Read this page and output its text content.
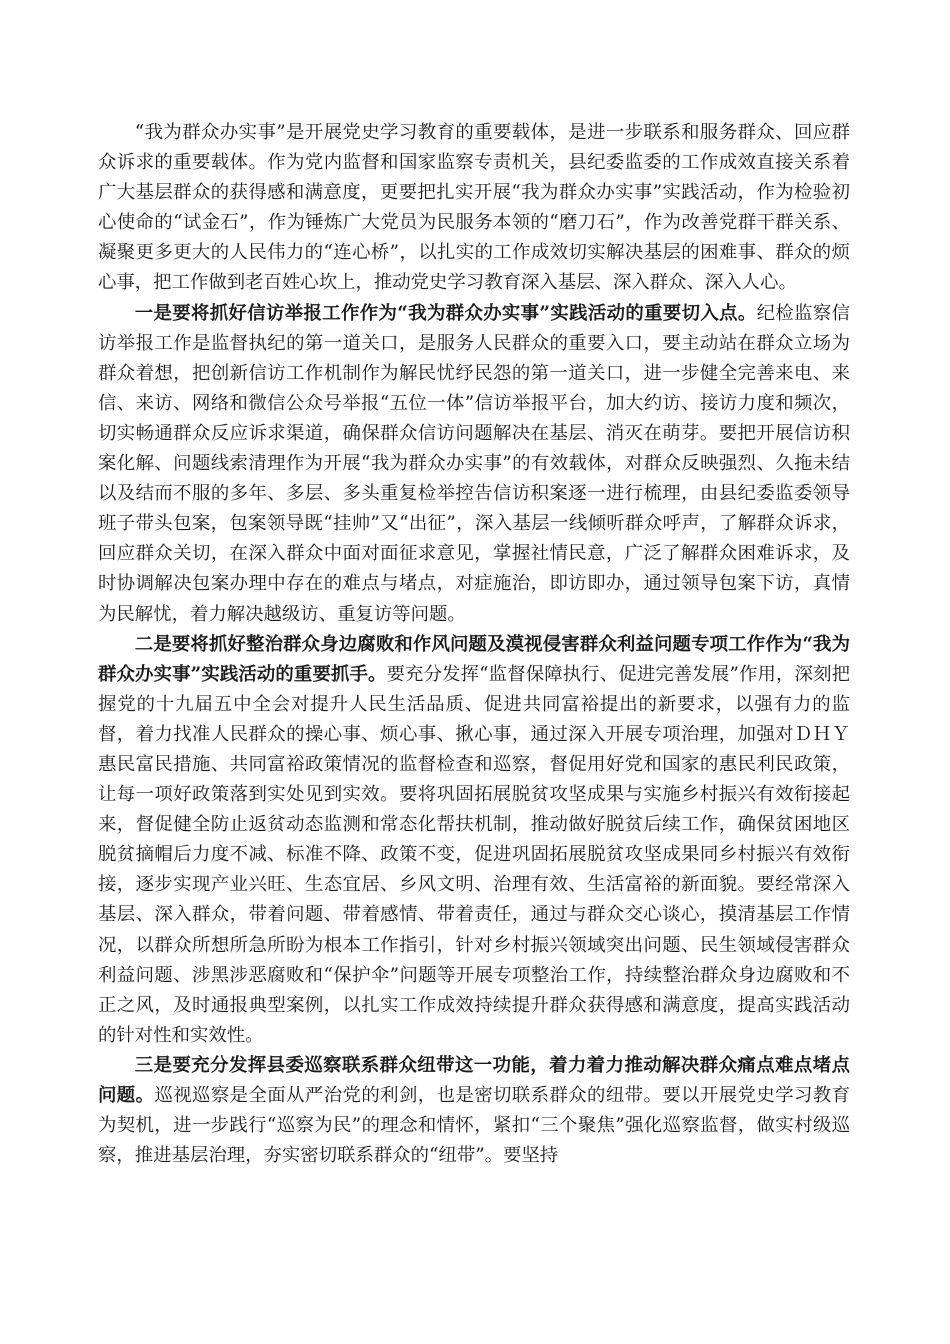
“我为群众办实事”是开展党史学习教育的重要载体，是进一步联系和服务群众、回应群众诉求的重要载体。作为党内监督和国家监察专责机关，县纪委监委的工作成效直接关系着广大基层群众的获得感和满意度，更要把扎实开展“我为群众办实事”实践活动，作为检验初心使命的“试金石”，作为锤炼广大党员为民服务本领的“磨刀石”，作为改善党群干群关系、凝聚更多更大的人民伟力的“连心桥”，以扎实的工作成效切实解决基层的困难事、群众的烦心事，把工作做到老百姓心坎上，推动党史学习教育深入基层、深入群众、深入人心。

一是要将抓好信访举报工作作为“我为群众办实事”实践活动的重要切入点。纪检监察信访举报工作是监督执纪的第一道关口，是服务人民群众的重要入口，要主动站在群众立场为群众着想，把创新信访工作机制作为解民忧纾民怨的第一道关口，进一步健全完善来电、来信、来访、网络和微信公众号举报“五位一体”信访举报平台，加大约访、接访力度和频次，切实畅通群众反应诉求渠道，确保群众信访问题解决在基层、消灭在萌芽。要把开展信访积案化解、问题线索清理作为开展“我为群众办实事”的有效载体，对群众反映强烈、久拖未结以及结而不服的多年、多层、多头重复检举控告信访积案逐一进行梳理，由县纪委监委领导班子带头包案，包案领导既“挂帅”又“出征”，深入基层一线倾听群众呼声，了解群众诉求，回应群众关切，在深入群众中面对面征求意见，掌握社情民意，广泛了解群众困难诉求，及时协调解决包案办理中存在的难点与堵点，对症施治，即访即办，通过领导包案下访，真情为民解忧，着力解决越级访、重复访等问题。

二是要将抓好整治群众身边腐败和作风问题及漠视侵害群众利益问题专项工作作为“我为群众办实事”实践活动的重要抓手。要充分发挥“监督保障执行、促进完善发展”作用，深刻把握党的十九届五中全会对提升人民生活品质、促进共同富裕提出的新要求，以强有力的监督，着力找准人民群众的操心事、烦心事、揪心事，通过深入开展专项治理，加强对ＤＨＹ惠民富民措施、共同富裕政策情况的监督检查和巡察，督促用好党和国家的惠民利民政策，让每一项好政策落到实处见到实效。要将巩固拓展脱贫攻坚成果与实施乡村振兴有效衔接起来，督促健全防止返贫动态监测和常态化帮扶机制，推动做好脱贫后续工作，确保贫困地区脱贫摘帽后力度不减、标准不降、政策不变，促进巩固拓展脱贫攻坚成果同乡村振兴有效衔接，逐步实现产业兴旺、生态宜居、乡风文明、治理有效、生活富裕的新面貌。要经常深入基层、深入群众，带着问题、带着感情、带着责任，通过与群众交心谈心，摸清基层工作情况，以群众所想所急所盼为根本工作指引，针对乡村振兴领域突出问题、民生领域侵害群众利益问题、涉黑涉恶腐败和“保护伞”问题等开展专项整治工作，持续整治群众身边腐败和不正之风，及时通报典型案例，以扎实工作成效持续提升群众获得感和满意度，提高实践活动的针对性和实效性。

三是要充分发挥县委巡察联系群众纽带这一功能，着力着力推动解决群众痛点难点堵点问题。巡视巡察是全面从严治党的利剑，也是密切联系群众的纽带。要以开展党史学习教育为契机，进一步践行“巡察为民”的理念和情怀，紧扣“三个聚焦”强化巡察监督，做实村级巡察，推进基层治理，夯实密切联系群众的“纽带”。要坚持
